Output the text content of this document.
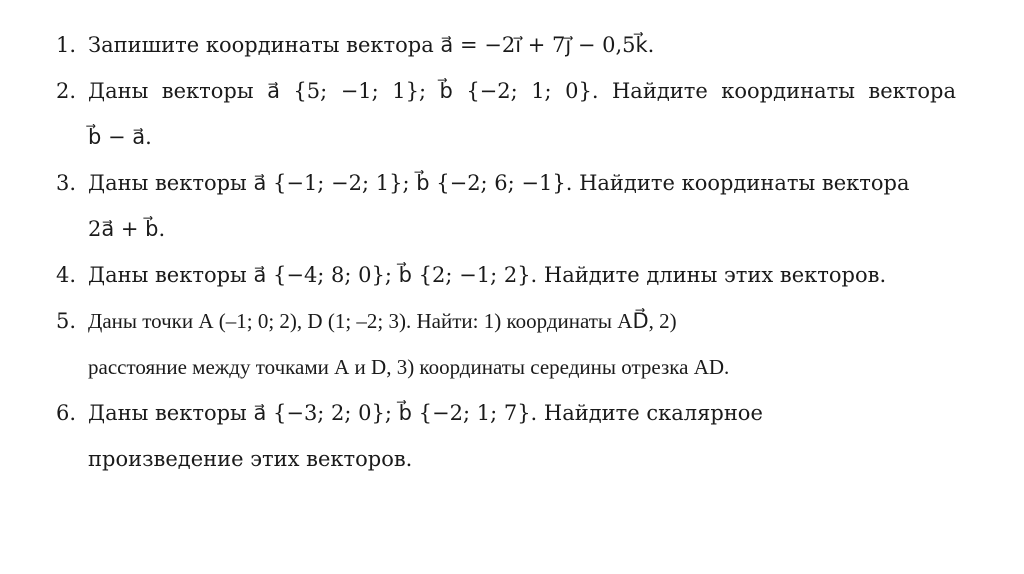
1. Запишите координаты вектора a⃗ = −2i⃗ + 7j⃗ − 0,5k⃗.
2. Даны векторы a⃗ {5; −1; 1}; b⃗ {−2; 1; 0}. Найдите координаты вектора
b⃗ − a⃗.
3. Даны векторы a⃗ {−1; −2; 1}; b⃗ {−2; 6; −1}. Найдите координаты вектора
2a⃗ + b⃗.
4. Даны векторы a⃗ {−4; 8; 0}; b⃗ {2; −1; 2}. Найдите длины этих векторов.
5. Даны точки А (–1; 0; 2), D (1; –2; 3). Найти: 1) координаты AD⃗, 2)
расстояние между точками А и D, 3) координаты середины отрезка AD.
6. Даны векторы a⃗ {−3; 2; 0}; b⃗ {−2; 1; 7}. Найдите скалярное
произведение этих векторов.
